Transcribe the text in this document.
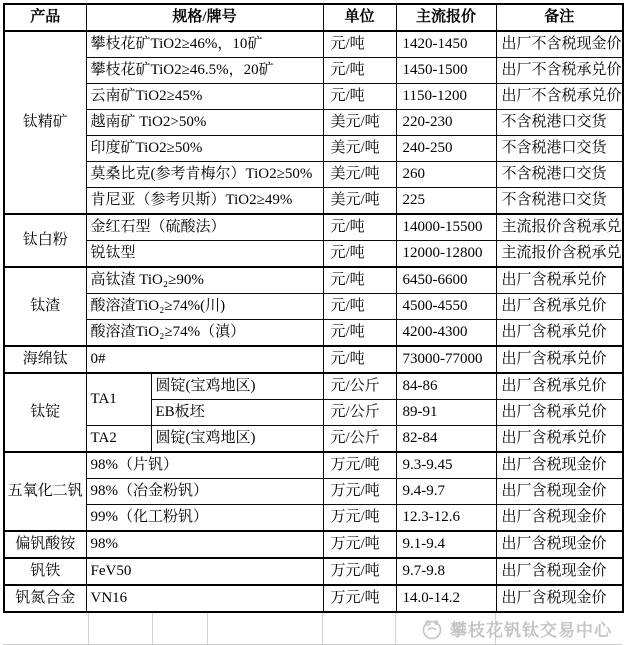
产品	规格/牌号		单位	主流报价	备注
钛精矿	攀枝花矿TiO2≥46%，10矿		元/吨	1420-1450	出厂不含税现金价
	攀枝花矿TiO2≥46.5%，20矿		元/吨	1450-1500	出厂不含税承兑价
	云南矿TiO2≥45%		元/吨	1150-1200	出厂不含税承兑价
	越南矿 TiO2>50%		美元/吨	220-230	不含税港口交货
	印度矿TiO2≥50%		美元/吨	240-250	不含税港口交货
	莫桑比克(参考肯梅尔）TiO2≥50%		美元/吨	260	不含税港口交货
	肯尼亚（参考贝斯）TiO2≥49%		美元/吨	225	不含税港口交货
钛白粉	金红石型（硫酸法）		元/吨	14000-15500	主流报价含税承兑
	锐钛型		元/吨	12000-12800	主流报价含税承兑
钛渣	高钛渣 TiO₂≥90%		元/吨	6450-6600	出厂含税承兑价
	酸溶渣TiO₂≥74%(川)		元/吨	4500-4550	出厂含税承兑价
	酸溶渣TiO₂≥74%（滇）		元/吨	4200-4300	出厂含税承兑价
海绵钛	0#		元/吨	73000-77000	出厂含税承兑价
钛锭	TA1	圆锭(宝鸡地区)	元/公斤	84-86	出厂含税承兑价
		EB板坯	元/公斤	89-91	出厂含税承兑价
	TA2	圆锭(宝鸡地区)	元/公斤	82-84	出厂含税承兑价
五氧化二钒	98%（片钒）		万元/吨	9.3-9.45	出厂含税现金价
	98%（冶金粉钒）		万元/吨	9.4-9.7	出厂含税现金价
	99%（化工粉钒）		万元/吨	12.3-12.6	出厂含税现金价
偏钒酸铵	98%		万元/吨	9.1-9.4	出厂含税现金价
钒铁	FeV50		万元/吨	9.7-9.8	出厂含税现金价
钒氮合金	VN16		万元/吨	14.0-14.2	出厂含税现金价
攀枝花钒钛交易中心
